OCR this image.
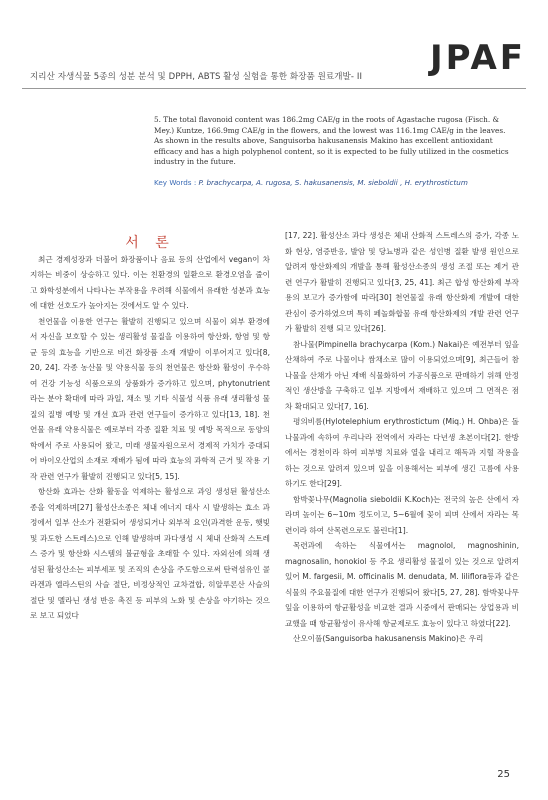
지리산 자생식물 5종의 성분 분석 및 DPPH, ABTS 활성 실험을 통한 화장품 원료개발- II JPAF

5. The total flavonoid content was 186.2mg CAE/g in the roots of Agastache rugosa (Fisch. & Mey.) Kuntze, 166.9mg CAE/g in the flowers, and the lowest was 116.1mg CAE/g in the leaves.

As shown in the results above, Sanguisorba hakusanensis Makino has excellent antioxidant efficacy and has a high polyphenol content, so it is expected to be fully utilized in the cosmetics industry in the future.

Key Words : P. brachycarpa, A. rugosa, S. hakusanensis, M. sieboldii , H. erythrostictum

서 론

최근 경제성장과 더불어 화장품이나 음료 등의 산업에서 vegan이 차지하는 비중이 상승하고 있다. 이는 친환경의 일환으로 환경오염을 줄이고 화학성분에서 나타나는 부작용을 우려해 식물에서 유래한 성분과 효능에 대한 선호도가 높아지는 것에서도 알 수 있다.

천연물을 이용한 연구는 활발히 진행되고 있으며 식물이 외부 환경에서 자신을 보호할 수 있는 생리활성 물질을 이용하여 항산화, 항염 및 항균 등의 효능을 기반으로 비건 화장품 소재 개발이 이루어지고 있다[8, 20, 24]. 각종 농산물 및 약용식물 등의 천연물은 항산화 활성이 우수하여 건강 기능성 식품으로의 상품화가 증가하고 있으며, phytonutrient라는 분야 확대에 따라 과일, 채소 및 기타 식물성 식품 유래 생리활성 물질의 질병 예방 및 개선 효과 관련 연구들이 증가하고 있다[13, 18]. 천연물 유래 약용식물은 예로부터 각종 질환 치료 및 예방 목적으로 동양의학에서 주로 사용되어 왔고, 미래 생물자원으로서 경제적 가치가 증대되어 바이오산업의 소재로 재배가 됨에 따라 효능의 과학적 근거 및 작용 기작 관련 연구가 활발히 진행되고 있다[5, 15].

항산화 효과는 산화 활동을 억제하는 활성으로 과잉 생성된 활성산소종을 억제하며[27] 활성산소종은 체내 에너지 대사 시 발생하는 효소 과정에서 일부 산소가 전환되어 생성되거나 외부적 요인(과격한 운동, 햇빛 및 과도한 스트레스)으로 인해 발생하며 과다생성 시 체내 산화적 스트레스 증가 및 항산화 시스템의 불균형을 초래할 수 있다. 자외선에 의해 생성된 활성산소는 피부세포 및 조직의 손상을 주도함으로써 탄력섬유인 콜라겐과 엘라스틴의 사슬 절단, 비정상적인 교차결합, 히알루론산 사슬의 절단 및 멜라닌 생성 반응 촉진 등 피부의 노화 및 손상을 야기하는 것으로 보고 되었다

[17, 22]. 활성산소 과다 생성은 체내 산화적 스트레스의 증가, 각종 노화 현상, 염증반응, 발암 및 당뇨병과 같은 성인병 질환 발생 원인으로 알려져 항산화제의 개발을 통해 활성산소종의 생성 조절 또는 제거 관련 연구가 활발히 진행되고 있다[3, 25, 41]. 최근 합성 항산화제 부작용의 보고가 증가함에 따라[30] 천연물질 유래 항산화제 개발에 대한 관심이 증가하였으며 특히 페놀화합물 유래 항산화제의 개발 관련 연구가 활발히 진행 되고 있다[26].

참나물(Pimpinella brachycarpa (Kom.) Nakai)은 예전부터 잎을 산채하여 주로 나물이나 쌈채소로 많이 이용되었으며[9], 최근들어 참나물을 산채가 아닌 재배 식물화하여 가공식품으로 판매하기 위해 안정적인 생산방을 구축하고 일부 지방에서 재배하고 있으며 그 면적은 점차 확대되고 있다[7, 16].

평의비름(Hylotelephium erythrostictum (Miq.) H. Ohba)은 돌나물과에 속하여 우리나라 전역에서 자라는 다년생 초본이다[2]. 한방에서는 경천이라 하여 피부병 치료와 열을 내리고 해독과 지혈 작용을 하는 것으로 알려져 있으며 잎을 이용해서는 피부에 생긴 고름에 사용하기도 한다[29].

함박꽃나무(Magnolia sieboldii K.Koch)는 전국의 높은 산에서 자라며 높이는 6~10m 정도이고, 5~6월에 꽃이 피며 산에서 자라는 목련이라 하여 산목련으로도 불린다[1].

목련과에 속하는 식물에서는 magnolol, magnoshinin, magnosalin, honokiol 등 주요 생리활성 물질이 있는 것으로 알려져 있어 M. fargesii, M. officinalis M. denudata, M. liliflora등과 같은 식물의 주요물질에 대한 연구가 진행되어 왔다[5, 27, 28]. 함박꽃나무 잎을 이용하여 항균활성을 비교한 결과 시중에서 판매되는 상업용과 비교했을 때 항균활성이 유사해 항균제로도 효능이 있다고 하였다[22].

산오이풀(Sanguisorba hakusanensis Makino)은 우리

25
